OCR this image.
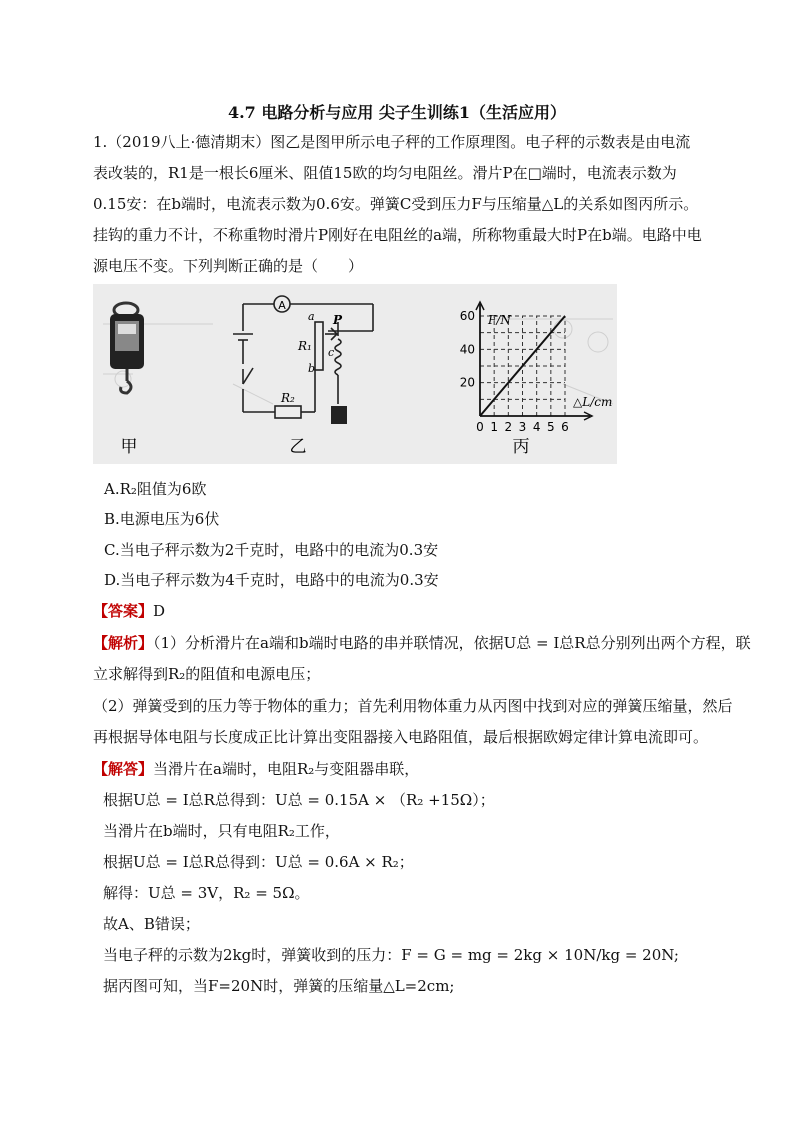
4.7 电路分析与应用 尖子生训练1（生活应用）
1.（2019八上·德清期末）图乙是图甲所示电子秤的工作原理图。电子秤的示数表是由电流表改装的，R1是一根长6厘米、阻值15欧的均匀电阻丝。滑片P在□端时，电流表示数为0.15安：在b端时，电流表示数为0.6安。弹簧C受到压力F与压缩量△L的关系如图丙所示。挂钩的重力不计，不称重物时滑片P刚好在电阻丝的a端，所称物重最大时P在b端。电路中电源电压不变。下列判断正确的是（　　）
甲
A
a
b
c
P
R₁
R₂
乙
60
40
20
0 1 2 3 4 5 6
F/N
△L/cm
丙
A.R₂阻值为6欧
B.电源电压为6伏
C.当电子秤示数为2千克时，电路中的电流为0.3安
D.当电子秤示数为4千克时，电路中的电流为0.3安
【答案】D
【解析】（1）分析滑片在a端和b端时电路的串并联情况，依据U总 = I总R总分别列出两个方程，联
立求解得到R₂的阻值和电源电压；
（2）弹簧受到的压力等于物体的重力；首先利用物体重力从丙图中找到对应的弹簧压缩量，然后
再根据导体电阻与长度成正比计算出变阻器接入电路阻值，最后根据欧姆定律计算电流即可。
【解答】当滑片在a端时，电阻R₂与变阻器串联，
根据U总 = I总R总得到：U总 = 0.15A × （R₂ +15Ω）；
当滑片在b端时，只有电阻R₂工作，
根据U总 = I总R总得到：U总 = 0.6A × R₂；
解得：U总 = 3V，R₂ = 5Ω。
故A、B错误；
当电子秤的示数为2kg时，弹簧收到的压力：F = G = mg = 2kg × 10N/kg = 20N;
据丙图可知，当F=20N时，弹簧的压缩量△L=2cm;
